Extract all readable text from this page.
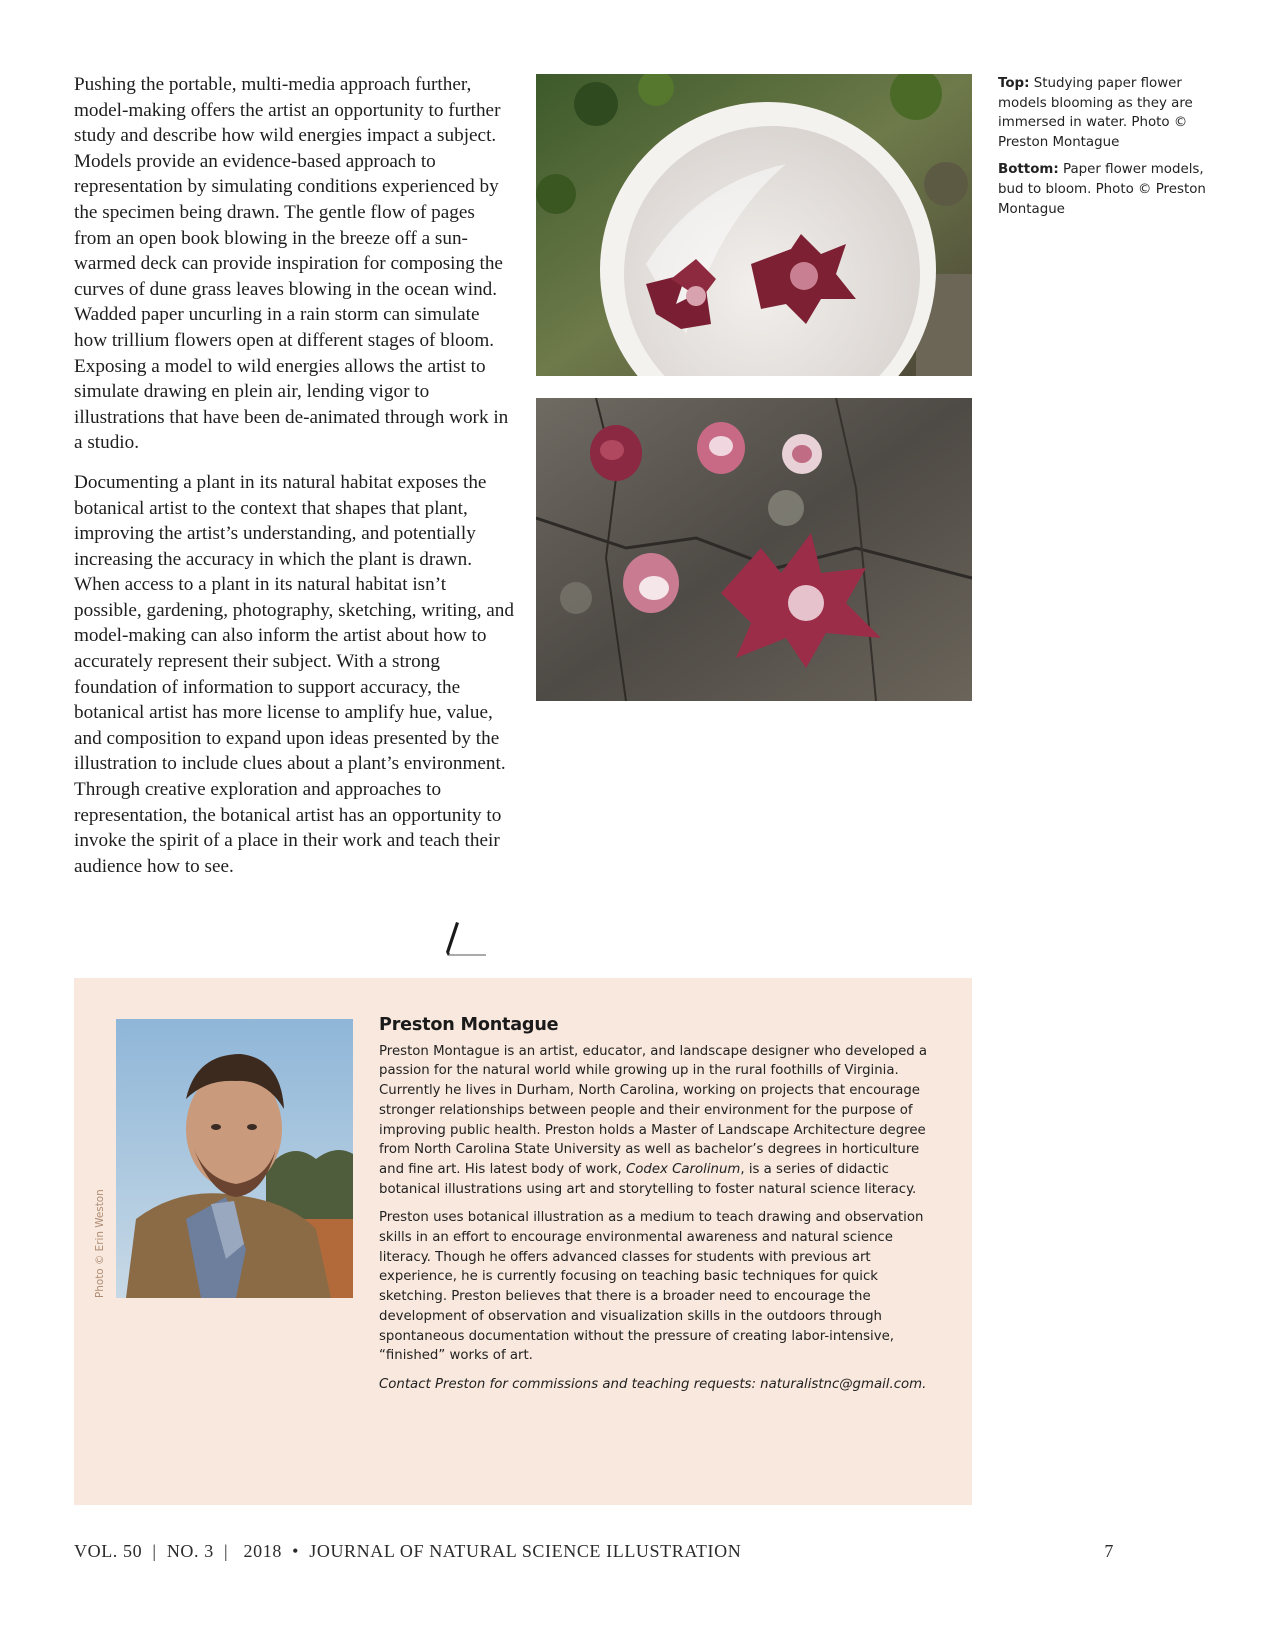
Pushing the portable, multi-media approach further, model-making offers the artist an opportunity to further study and describe how wild energies impact a subject. Models provide an evidence-based approach to representation by simulating conditions experienced by the specimen being drawn. The gentle flow of pages from an open book blowing in the breeze off a sun-warmed deck can provide inspiration for composing the curves of dune grass leaves blowing in the ocean wind. Wadded paper uncurling in a rain storm can simulate how trillium flowers open at different stages of bloom. Exposing a model to wild energies allows the artist to simulate drawing en plein air, lending vigor to illustrations that have been de-animated through work in a studio.

Documenting a plant in its natural habitat exposes the botanical artist to the context that shapes that plant, improving the artist’s understanding, and potentially increasing the accuracy in which the plant is drawn. When access to a plant in its natural habitat isn’t possible, gardening, photography, sketching, writing, and model-making can also inform the artist about how to accurately represent their subject. With a strong foundation of information to support accuracy, the botanical artist has more license to amplify hue, value, and composition to expand upon ideas presented by the illustration to include clues about a plant’s environment. Through creative exploration and approaches to representation, the botanical artist has an opportunity to invoke the spirit of a place in their work and teach their audience how to see.

Top: Studying paper flower models blooming as they are immersed in water. Photo © Preston Montague

Bottom: Paper flower models, bud to bloom. Photo © Preston Montague

Photo © Erin Weston
Preston Montague

Preston Montague is an artist, educator, and landscape designer who developed a passion for the natural world while growing up in the rural foothills of Virginia. Currently he lives in Durham, North Carolina, working on projects that encourage stronger relationships between people and their environment for the purpose of improving public health. Preston holds a Master of Landscape Architecture degree from North Carolina State University as well as bachelor’s degrees in horticulture and fine art. His latest body of work, Codex Carolinum, is a series of didactic botanical illustrations using art and storytelling to foster natural science literacy.

Preston uses botanical illustration as a medium to teach drawing and observation skills in an effort to encourage environmental awareness and natural science literacy. Though he offers advanced classes for students with previous art experience, he is currently focusing on teaching basic techniques for quick sketching. Preston believes that there is a broader need to encourage the development of observation and visualization skills in the outdoors through spontaneous documentation without the pressure of creating labor-intensive, “finished” works of art.

Contact Preston for commissions and teaching requests: naturalistnc@gmail.com.

VOL. 50  |  NO. 3  |   2018  •  JOURNAL OF NATURAL SCIENCE ILLUSTRATION	7
